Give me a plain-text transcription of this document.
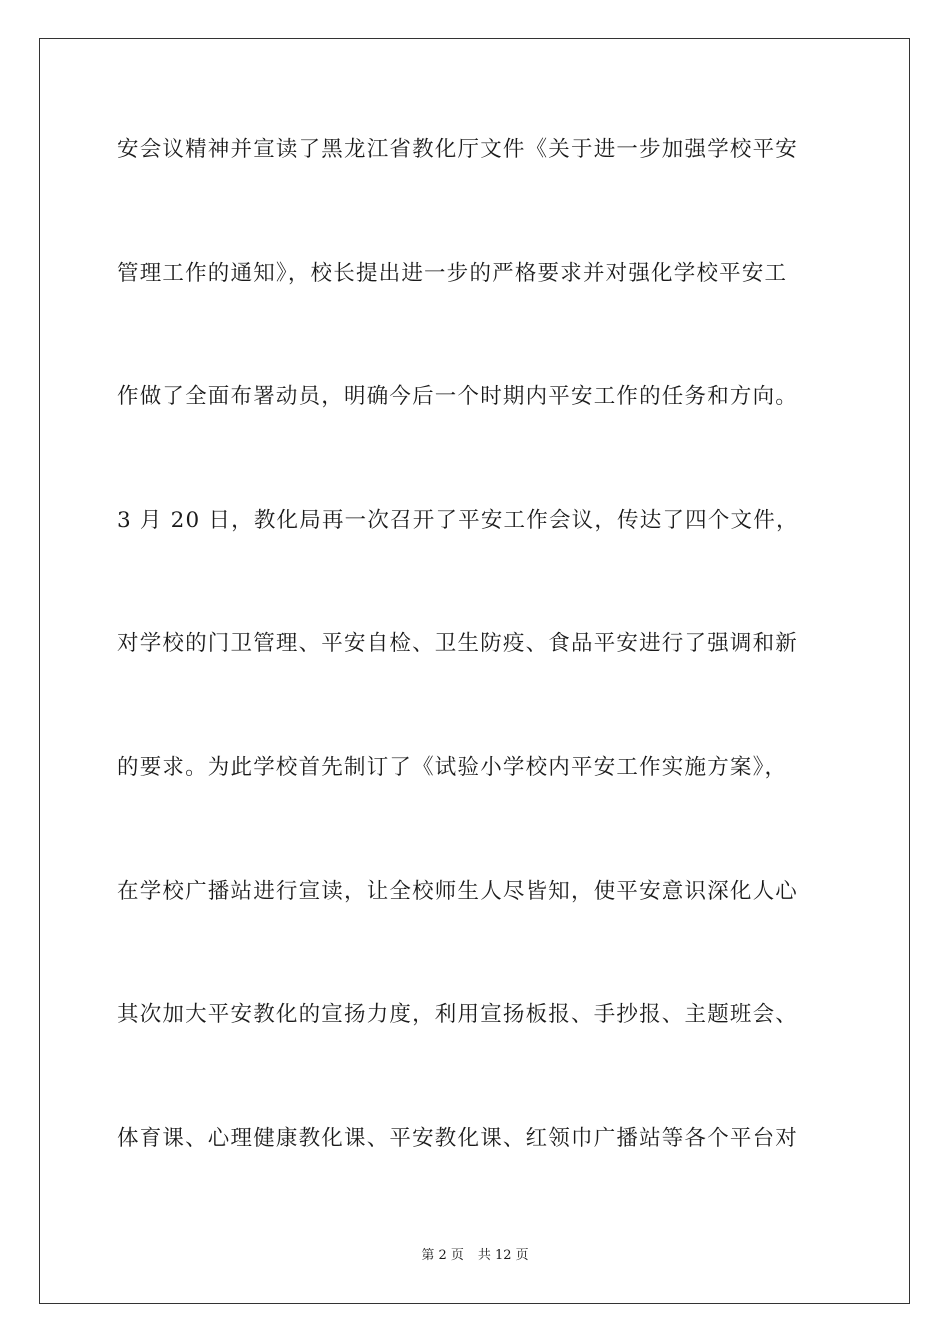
安会议精神并宣读了黑龙江省教化厅文件《关于进一步加强学校平安
管理工作的通知》，校长提出进一步的严格要求并对强化学校平安工
作做了全面布署动员，明确今后一个时期内平安工作的任务和方向。
3 月 20 日，教化局再一次召开了平安工作会议，传达了四个文件，
对学校的门卫管理、平安自检、卫生防疫、食品平安进行了强调和新
的要求。为此学校首先制订了《试验小学校内平安工作实施方案》，
在学校广播站进行宣读，让全校师生人尽皆知，使平安意识深化人心
其次加大平安教化的宣扬力度，利用宣扬板报、手抄报、主题班会、
体育课、心理健康教化课、平安教化课、红领巾广播站等各个平台对
第 2 页 共 12 页
